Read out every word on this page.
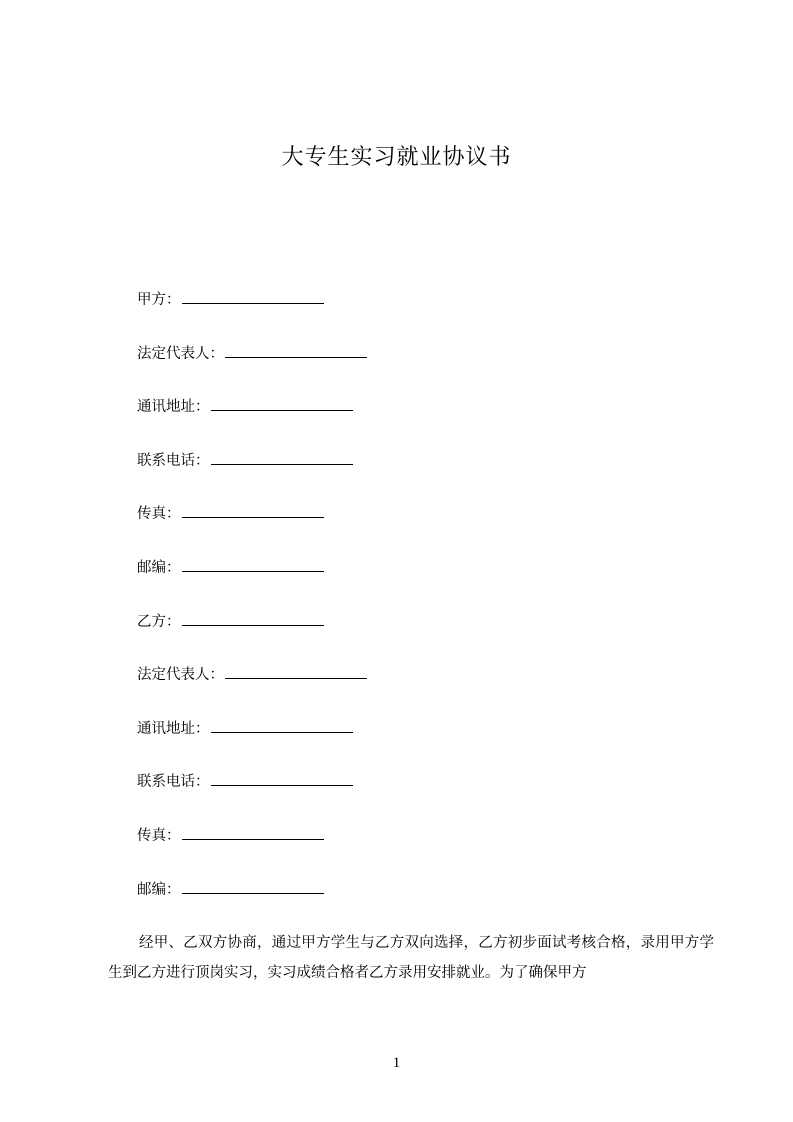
大专生实习就业协议书
甲方：
法定代表人：
通讯地址：
联系电话：
传真：
邮编：
乙方：
法定代表人：
通讯地址：
联系电话：
传真：
邮编：
经甲、乙双方协商，通过甲方学生与乙方双向选择，乙方初步面试考核合格，录用甲方学生到乙方进行顶岗实习，实习成绩合格者乙方录用安排就业。为了确保甲方
1
